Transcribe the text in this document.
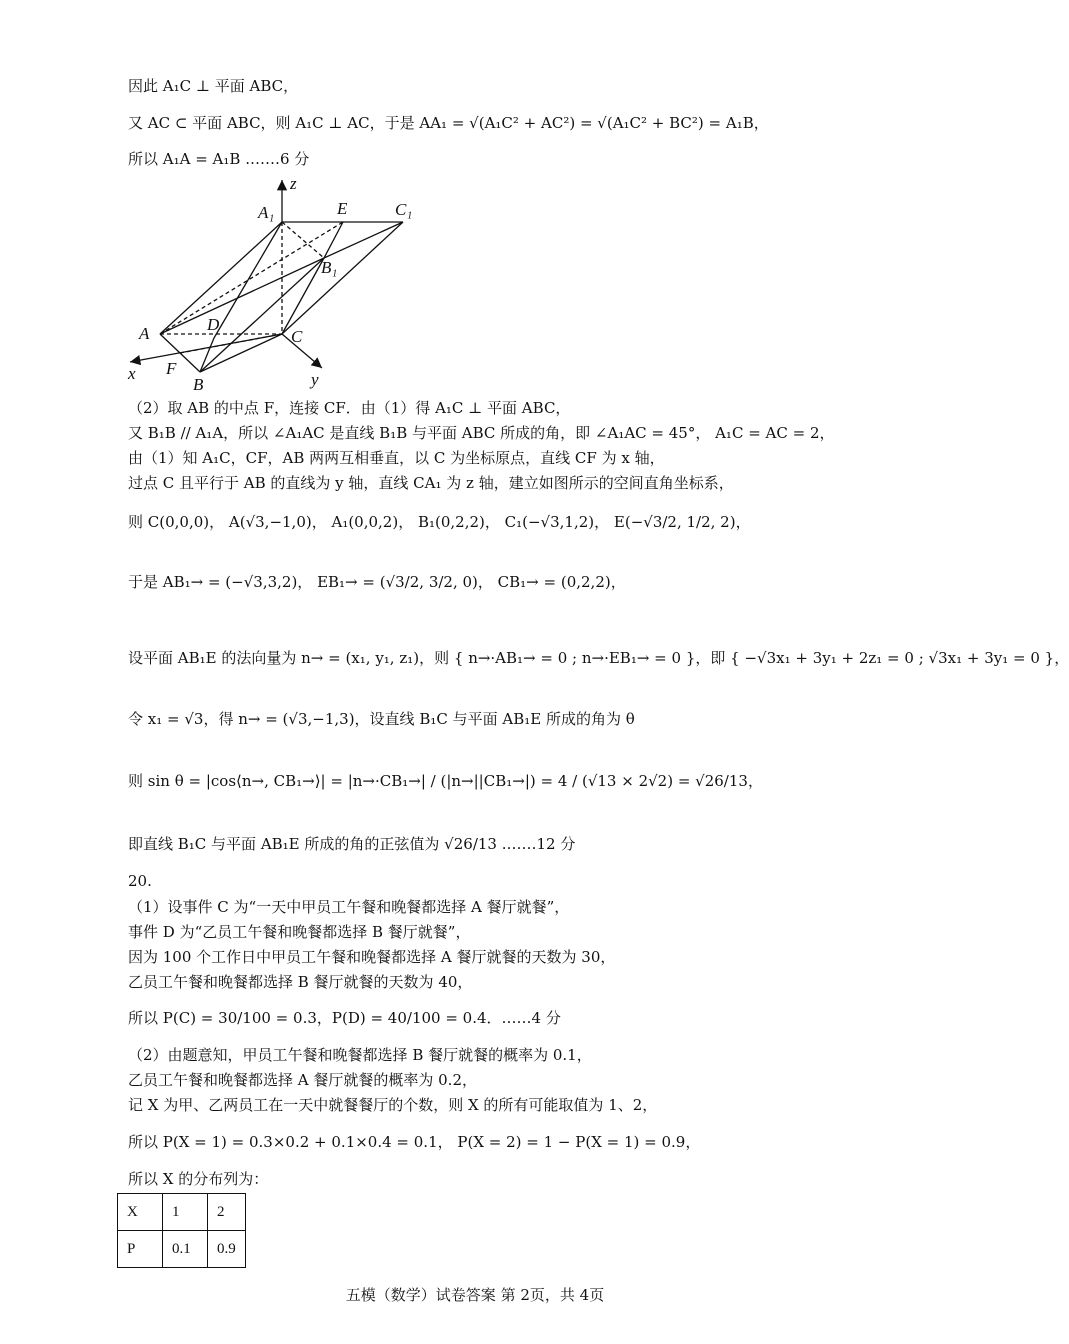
因此 A₁C ⊥ 平面 ABC，
又 AC ⊂ 平面 ABC，则 A₁C ⊥ AC，于是 AA₁ = √(A₁C² + AC²) = √(A₁C² + BC²) = A₁B，
所以 A₁A = A₁B .……6 分
z
A₁	E	C₁
B₁
A	D
C
x F
B	y
（2）取 AB 的中点 F，连接 CF．由（1）得 A₁C ⊥ 平面 ABC，
又 B₁B // A₁A，所以 ∠A₁AC 是直线 B₁B 与平面 ABC 所成的角，即 ∠A₁AC = 45°， A₁C = AC = 2，
由（1）知 A₁C，CF，AB 两两互相垂直，以 C 为坐标原点，直线 CF 为 x 轴，
过点 C 且平行于 AB 的直线为 y 轴，直线 CA₁ 为 z 轴，建立如图所示的空间直角坐标系，
则 C(0,0,0)， A(√3,−1,0)， A₁(0,0,2)， B₁(0,2,2)， C₁(−√3,1,2)， E(−√3/2, 1/2, 2)，
于是 AB₁→ = (−√3,3,2)， EB₁→ = (√3/2, 3/2, 0)， CB₁→ = (0,2,2)，
设平面 AB₁E 的法向量为 n→ = (x₁, y₁, z₁)，则 { n→·AB₁→ = 0 ; n→·EB₁→ = 0 }，即 { −√3x₁ + 3y₁ + 2z₁ = 0 ; √3x₁ + 3y₁ = 0 }，
令 x₁ = √3，得 n→ = (√3,−1,3)，设直线 B₁C 与平面 AB₁E 所成的角为 θ
则 sin θ = |cos⟨n→, CB₁→⟩| = |n→·CB₁→| / (|n→||CB₁→|) = 4 / (√13 × 2√2) = √26/13，
即直线 B₁C 与平面 AB₁E 所成的角的正弦值为 √26/13 .……12 分
20.
（1）设事件 C 为“一天中甲员工午餐和晚餐都选择 A 餐厅就餐”，
事件 D 为“乙员工午餐和晚餐都选择 B 餐厅就餐”，
因为 100 个工作日中甲员工午餐和晚餐都选择 A 餐厅就餐的天数为 30，
乙员工午餐和晚餐都选择 B 餐厅就餐的天数为 40，
所以 P(C) = 30/100 = 0.3，P(D) = 40/100 = 0.4．……4 分
（2）由题意知，甲员工午餐和晚餐都选择 B 餐厅就餐的概率为 0.1，
乙员工午餐和晚餐都选择 A 餐厅就餐的概率为 0.2，
记 X 为甲、乙两员工在一天中就餐餐厅的个数，则 X 的所有可能取值为 1、2，
所以 P(X = 1) = 0.3×0.2 + 0.1×0.4 = 0.1， P(X = 2) = 1 − P(X = 1) = 0.9，
所以 X 的分布列为：
X	1	2
P	0.1	0.9
五模（数学）试卷答案 第 2页，共 4页
